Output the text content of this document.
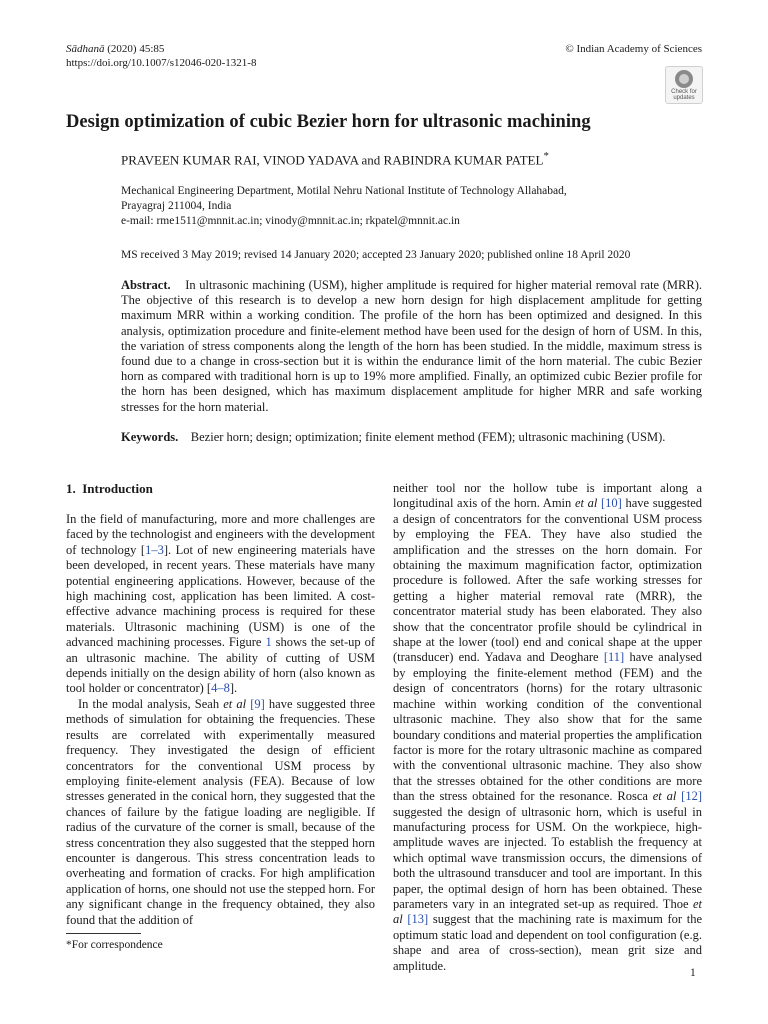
Sādhanā (2020) 45:85
https://doi.org/10.1007/s12046-020-1321-8
© Indian Academy of Sciences
Check for updates
Design optimization of cubic Bezier horn for ultrasonic machining
PRAVEEN KUMAR RAI, VINOD YADAVA and RABINDRA KUMAR PATEL*
Mechanical Engineering Department, Motilal Nehru National Institute of Technology Allahabad,
Prayagraj 211004, India
e-mail: rme1511@mnnit.ac.in; vinody@mnnit.ac.in; rkpatel@mnnit.ac.in
MS received 3 May 2019; revised 14 January 2020; accepted 23 January 2020; published online 18 April 2020
Abstract. In ultrasonic machining (USM), higher amplitude is required for higher material removal rate (MRR). The objective of this research is to develop a new horn design for high displacement amplitude for getting maximum MRR within a working condition. The profile of the horn has been optimized and designed. In this analysis, optimization procedure and finite-element method have been used for the design of horn of USM. In this, the variation of stress components along the length of the horn has been studied. In the middle, maximum stress is found due to a change in cross-section but it is within the endurance limit of the horn material. The cubic Bezier horn as compared with traditional horn is up to 19% more amplified. Finally, an optimized cubic Bezier profile for the horn has been designed, which has maximum displacement amplitude for higher MRR and safe working stresses for the horn material.
Keywords. Bezier horn; design; optimization; finite element method (FEM); ultrasonic machining (USM).
1. Introduction

In the field of manufacturing, more and more challenges are faced by the technologist and engineers with the development of technology [1–3]. Lot of new engineering materials have been developed, in recent years. These materials have many potential engineering applications. However, because of the high machining cost, application has been limited. A cost-effective advance machining process is required for these materials. Ultrasonic machining (USM) is one of the advanced machining processes. Figure 1 shows the set-up of an ultrasonic machine. The ability of cutting of USM depends initially on the design ability of horn (also known as tool holder or concentrator) [4–8].

In the modal analysis, Seah et al [9] have suggested three methods of simulation for obtaining the frequencies. These results are correlated with experimentally measured frequency. They investigated the design of efficient concentrators for the conventional USM process by employing finite-element analysis (FEA). Because of low stresses generated in the conical horn, they suggested that the chances of failure by the fatigue loading are negligible. If radius of the curvature of the corner is small, because of the stress concentration they also suggested that the stepped horn encounter is dangerous. This stress concentration leads to overheating and formation of cracks. For high amplification application of horns, one should not use the stepped horn. For any significant change in the frequency obtained, they also found that the addition of

*For correspondence

neither tool nor the hollow tube is important along a longitudinal axis of the horn. Amin et al [10] have suggested a design of concentrators for the conventional USM process by employing the FEA. They have also studied the amplification and the stresses on the horn domain. For obtaining the maximum magnification factor, optimization procedure is followed. After the safe working stresses for getting a higher material removal rate (MRR), the concentrator material study has been elaborated. They also show that the concentrator profile should be cylindrical in shape at the lower (tool) end and conical shape at the upper (transducer) end. Yadava and Deoghare [11] have analysed by employing the finite-element method (FEM) and the design of concentrators (horns) for the rotary ultrasonic machine within working condition of the conventional ultrasonic machine. They also show that for the same boundary conditions and material properties the amplification factor is more for the rotary ultrasonic machine as compared with the conventional ultrasonic machine. They also show that the stresses obtained for the other conditions are more than the stress obtained for the resonance. Rosca et al [12] suggested the design of ultrasonic horn, which is useful in manufacturing process for USM. On the workpiece, high-amplitude waves are injected. To establish the frequency at which optimal wave transmission occurs, the dimensions of both the ultrasound transducer and tool are important. In this paper, the optimal design of horn has been obtained. These parameters vary in an integrated set-up as required. Thoe et al [13] suggest that the machining rate is maximum for the optimum static load and dependent on tool configuration (e.g. shape and area of cross-section), mean grit size and amplitude.

1
